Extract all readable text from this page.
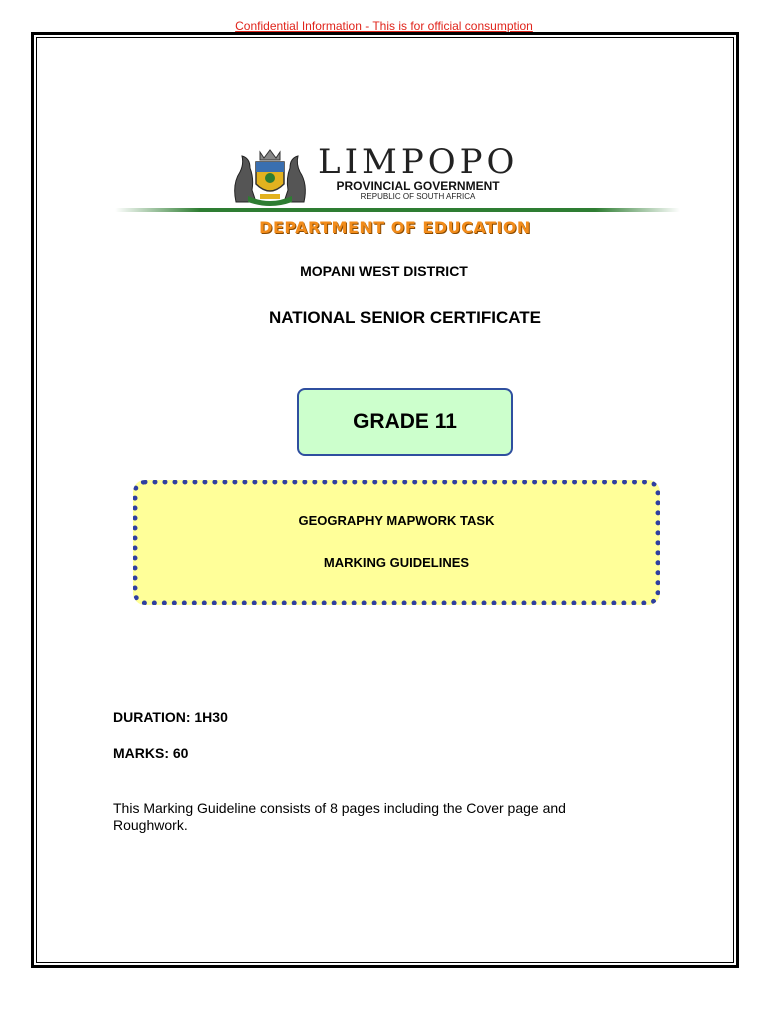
Confidential Information - This is for official consumption
LIMPOPO
PROVINCIAL GOVERNMENT
REPUBLIC OF SOUTH AFRICA
DEPARTMENT OF EDUCATION
MOPANI WEST DISTRICT
NATIONAL SENIOR CERTIFICATE
GRADE 11
GEOGRAPHY MAPWORK TASK
MARKING GUIDELINES
DURATION: 1H30
MARKS: 60
This Marking Guideline consists of 8 pages including the Cover page and Roughwork.
